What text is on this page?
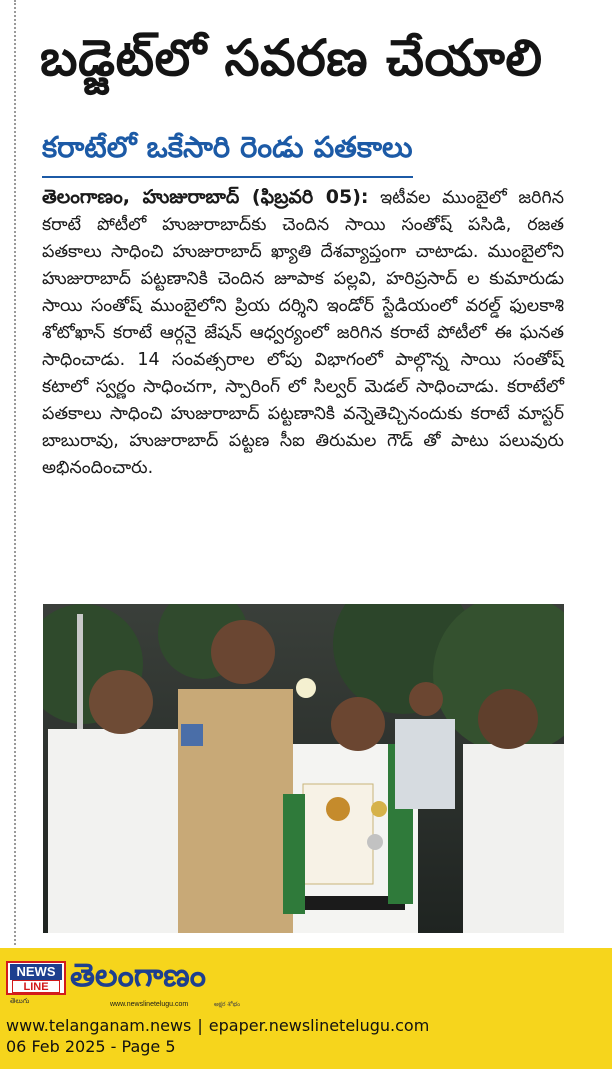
బడ్జెట్‌లో సవరణ చేయాలి
కరాటేలో ఒకేసారి రెండు పతకాలు
తెలంగాణం, హుజురాబాద్ (ఫిబ్రవరి 05): ఇటీవల ముంబైలో జరిగిన కరాటే పోటీలో హుజురాబాద్‌కు చెందిన సాయి సంతోష్ పసిడి, రజత పతకాలు సాధించి హుజురాబాద్ ఖ్యాతి దేశవ్యాప్తంగా చాటాడు. ముంబైలోని హుజురాబాద్ పట్టణానికి చెందిన జూపాక పల్లవి, హరిప్రసాద్ ల కుమారుడు సాయి సంతోష్ ముంబైలోని ప్రియ దర్శిని ఇండోర్ స్టేడియంలో వరల్డ్ ఫులకాశి శోటోఖాన్ కరాటే ఆర్గనై జేషన్ ఆధ్వర్యంలో జరిగిన కరాటే పోటీలో ఈ ఘనత సాధించాడు. 14 సంవత్సరాల లోపు విభాగంలో పాల్గొన్న సాయి సంతోష్ కటాలో స్వర్ణం సాధించగా, స్పారింగ్ లో సిల్వర్ మెడల్ సాధించాడు. కరాటేలో పతకాలు సాధించి హుజురాబాద్ పట్టణానికి వన్నెతెచ్చినందుకు కరాటే మాస్టర్ బాబురావు, హుజురాబాద్ పట్టణ సీఐ తిరుమల గౌడ్ తో పాటు పలువురు అభినందించారు.
NEWS
LINE
తెలుగు
తెలంగాణం
www.newslinetelugu.com	అక్షర శోభం
www.telanganam.news | epaper.newslinetelugu.com
06 Feb 2025 - Page 5
